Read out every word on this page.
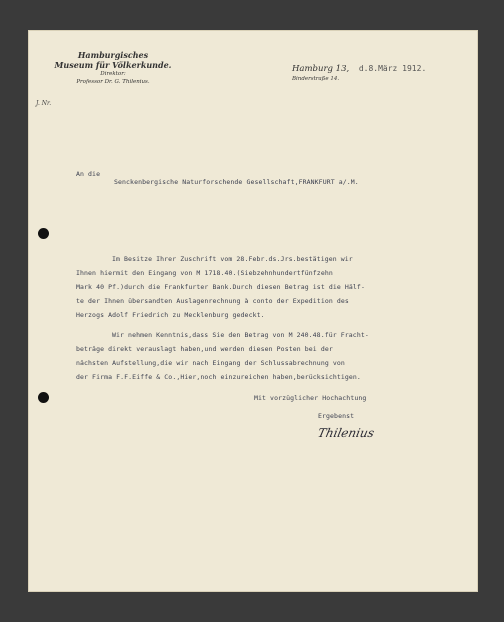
Hamburgisches
Museum für Völkerkunde.
Direktor:
Professor Dr. G. Thilenius.
J. Nr.
Hamburg 13, d.8.März 1912.
Binderstraße 14.
An die
Senckenbergische Naturforschende Gesellschaft,FRANKFURT a/.M.
Im Besitze Ihrer Zuschrift vom 28.Febr.ds.Jrs.bestätigen wir
Ihnen hiermit den Eingang von M 1718.40.(Siebzehnhundertfünfzehn
Mark 40 Pf.)durch die Frankfurter Bank.Durch diesen Betrag ist die Hälf-
te der Ihnen übersandten Auslagenrechnung à conto der Expedition des
Herzogs Adolf Friedrich zu Mecklenburg gedeckt.
Wir nehmen Kenntnis,dass Sie den Betrag von M 240.48.für Fracht-
beträge direkt verauslagt haben,und werden diesen Posten bei der
nächsten Aufstellung,die wir nach Eingang der Schlussabrechnung von
der Firma F.F.Eiffe & Co.,Hier,noch einzureichen haben,berücksichtigen.
Mit vorzüglicher Hochachtung
Ergebenst
Thilenius
